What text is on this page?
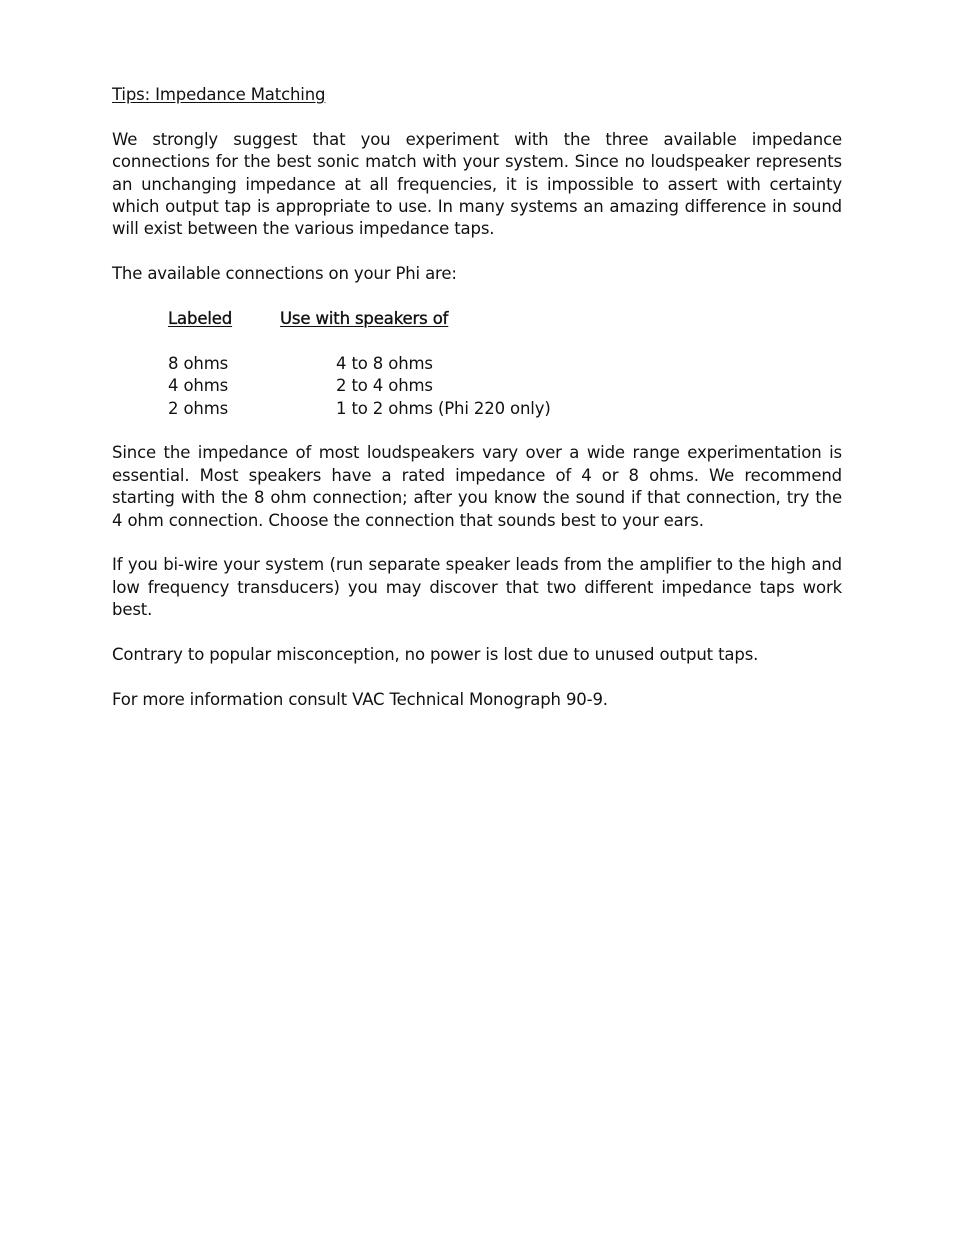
Tips: Impedance Matching

We strongly suggest that you experiment with the three available impedance connections for the best sonic match with your system. Since no loudspeaker represents an unchanging impedance at all frequencies, it is impossible to assert with certainty which output tap is appropriate to use. In many systems an amazing difference in sound will exist between the various impedance taps.

The available connections on your Phi are:

Labeled	Use with speakers of
8 ohms	4 to 8 ohms
4 ohms	2 to 4 ohms
2 ohms	1 to 2 ohms (Phi 220 only)

Since the impedance of most loudspeakers vary over a wide range experimentation is essential. Most speakers have a rated impedance of 4 or 8 ohms. We recommend starting with the 8 ohm connection; after you know the sound if that connection, try the 4 ohm connection. Choose the connection that sounds best to your ears.

If you bi-wire your system (run separate speaker leads from the amplifier to the high and low frequency transducers) you may discover that two different impedance taps work best.

Contrary to popular misconception, no power is lost due to unused output taps.

For more information consult VAC Technical Monograph 90-9.
